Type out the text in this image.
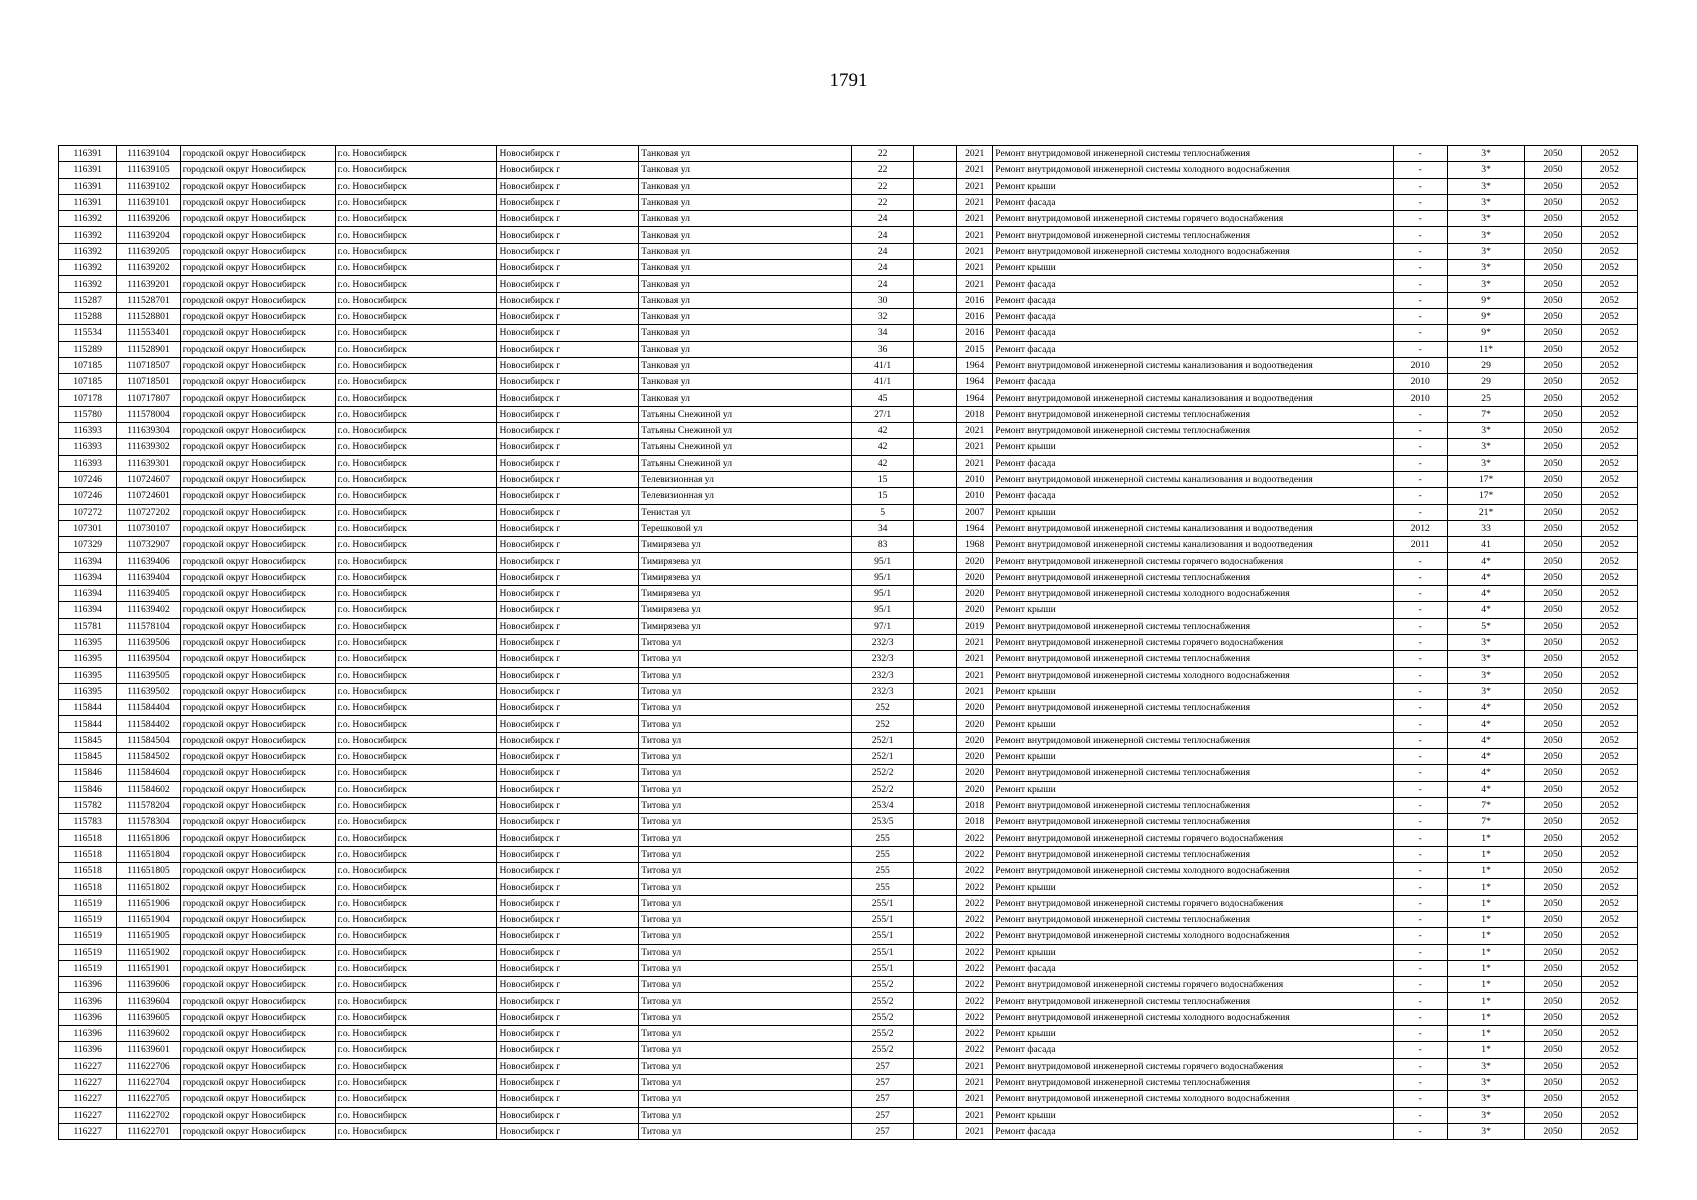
1791
116391	111639104	городской округ Новосибирск	г.о. Новосибирск	Новосибирск г	Танковая ул	22		2021	Ремонт внутридомовой инженерной системы теплоснабжения	-	3*	2050	2052
116391	111639105	городской округ Новосибирск	г.о. Новосибирск	Новосибирск г	Танковая ул	22		2021	Ремонт внутридомовой инженерной системы холодного водоснабжения	-	3*	2050	2052
116391	111639102	городской округ Новосибирск	г.о. Новосибирск	Новосибирск г	Танковая ул	22		2021	Ремонт крыши	-	3*	2050	2052
116391	111639101	городской округ Новосибирск	г.о. Новосибирск	Новосибирск г	Танковая ул	22		2021	Ремонт фасада	-	3*	2050	2052
116392	111639206	городской округ Новосибирск	г.о. Новосибирск	Новосибирск г	Танковая ул	24		2021	Ремонт внутридомовой инженерной системы горячего водоснабжения	-	3*	2050	2052
116392	111639204	городской округ Новосибирск	г.о. Новосибирск	Новосибирск г	Танковая ул	24		2021	Ремонт внутридомовой инженерной системы теплоснабжения	-	3*	2050	2052
116392	111639205	городской округ Новосибирск	г.о. Новосибирск	Новосибирск г	Танковая ул	24		2021	Ремонт внутридомовой инженерной системы холодного водоснабжения	-	3*	2050	2052
116392	111639202	городской округ Новосибирск	г.о. Новосибирск	Новосибирск г	Танковая ул	24		2021	Ремонт крыши	-	3*	2050	2052
116392	111639201	городской округ Новосибирск	г.о. Новосибирск	Новосибирск г	Танковая ул	24		2021	Ремонт фасада	-	3*	2050	2052
115287	111528701	городской округ Новосибирск	г.о. Новосибирск	Новосибирск г	Танковая ул	30		2016	Ремонт фасада	-	9*	2050	2052
115288	111528801	городской округ Новосибирск	г.о. Новосибирск	Новосибирск г	Танковая ул	32		2016	Ремонт фасада	-	9*	2050	2052
115534	111553401	городской округ Новосибирск	г.о. Новосибирск	Новосибирск г	Танковая ул	34		2016	Ремонт фасада	-	9*	2050	2052
115289	111528901	городской округ Новосибирск	г.о. Новосибирск	Новосибирск г	Танковая ул	36		2015	Ремонт фасада	-	11*	2050	2052
107185	110718507	городской округ Новосибирск	г.о. Новосибирск	Новосибирск г	Танковая ул	41/1		1964	Ремонт внутридомовой инженерной системы канализования и водоотведения	2010	29	2050	2052
107185	110718501	городской округ Новосибирск	г.о. Новосибирск	Новосибирск г	Танковая ул	41/1		1964	Ремонт фасада	2010	29	2050	2052
107178	110717807	городской округ Новосибирск	г.о. Новосибирск	Новосибирск г	Танковая ул	45		1964	Ремонт внутридомовой инженерной системы канализования и водоотведения	2010	25	2050	2052
115780	111578004	городской округ Новосибирск	г.о. Новосибирск	Новосибирск г	Татьяны Снежиной ул	27/1		2018	Ремонт внутридомовой инженерной системы теплоснабжения	-	7*	2050	2052
116393	111639304	городской округ Новосибирск	г.о. Новосибирск	Новосибирск г	Татьяны Снежиной ул	42		2021	Ремонт внутридомовой инженерной системы теплоснабжения	-	3*	2050	2052
116393	111639302	городской округ Новосибирск	г.о. Новосибирск	Новосибирск г	Татьяны Снежиной ул	42		2021	Ремонт крыши	-	3*	2050	2052
116393	111639301	городской округ Новосибирск	г.о. Новосибирск	Новосибирск г	Татьяны Снежиной ул	42		2021	Ремонт фасада	-	3*	2050	2052
107246	110724607	городской округ Новосибирск	г.о. Новосибирск	Новосибирск г	Телевизионная ул	15		2010	Ремонт внутридомовой инженерной системы канализования и водоотведения	-	17*	2050	2052
107246	110724601	городской округ Новосибирск	г.о. Новосибирск	Новосибирск г	Телевизионная ул	15		2010	Ремонт фасада	-	17*	2050	2052
107272	110727202	городской округ Новосибирск	г.о. Новосибирск	Новосибирск г	Тенистая ул	5		2007	Ремонт крыши	-	21*	2050	2052
107301	110730107	городской округ Новосибирск	г.о. Новосибирск	Новосибирск г	Терешковой ул	34		1964	Ремонт внутридомовой инженерной системы канализования и водоотведения	2012	33	2050	2052
107329	110732907	городской округ Новосибирск	г.о. Новосибирск	Новосибирск г	Тимирязева ул	83		1968	Ремонт внутридомовой инженерной системы канализования и водоотведения	2011	41	2050	2052
116394	111639406	городской округ Новосибирск	г.о. Новосибирск	Новосибирск г	Тимирязева ул	95/1		2020	Ремонт внутридомовой инженерной системы горячего водоснабжения	-	4*	2050	2052
116394	111639404	городской округ Новосибирск	г.о. Новосибирск	Новосибирск г	Тимирязева ул	95/1		2020	Ремонт внутридомовой инженерной системы теплоснабжения	-	4*	2050	2052
116394	111639405	городской округ Новосибирск	г.о. Новосибирск	Новосибирск г	Тимирязева ул	95/1		2020	Ремонт внутридомовой инженерной системы холодного водоснабжения	-	4*	2050	2052
116394	111639402	городской округ Новосибирск	г.о. Новосибирск	Новосибирск г	Тимирязева ул	95/1		2020	Ремонт крыши	-	4*	2050	2052
115781	111578104	городской округ Новосибирск	г.о. Новосибирск	Новосибирск г	Тимирязева ул	97/1		2019	Ремонт внутридомовой инженерной системы теплоснабжения	-	5*	2050	2052
116395	111639506	городской округ Новосибирск	г.о. Новосибирск	Новосибирск г	Титова ул	232/3		2021	Ремонт внутридомовой инженерной системы горячего водоснабжения	-	3*	2050	2052
116395	111639504	городской округ Новосибирск	г.о. Новосибирск	Новосибирск г	Титова ул	232/3		2021	Ремонт внутридомовой инженерной системы теплоснабжения	-	3*	2050	2052
116395	111639505	городской округ Новосибирск	г.о. Новосибирск	Новосибирск г	Титова ул	232/3		2021	Ремонт внутридомовой инженерной системы холодного водоснабжения	-	3*	2050	2052
116395	111639502	городской округ Новосибирск	г.о. Новосибирск	Новосибирск г	Титова ул	232/3		2021	Ремонт крыши	-	3*	2050	2052
115844	111584404	городской округ Новосибирск	г.о. Новосибирск	Новосибирск г	Титова ул	252		2020	Ремонт внутридомовой инженерной системы теплоснабжения	-	4*	2050	2052
115844	111584402	городской округ Новосибирск	г.о. Новосибирск	Новосибирск г	Титова ул	252		2020	Ремонт крыши	-	4*	2050	2052
115845	111584504	городской округ Новосибирск	г.о. Новосибирск	Новосибирск г	Титова ул	252/1		2020	Ремонт внутридомовой инженерной системы теплоснабжения	-	4*	2050	2052
115845	111584502	городской округ Новосибирск	г.о. Новосибирск	Новосибирск г	Титова ул	252/1		2020	Ремонт крыши	-	4*	2050	2052
115846	111584604	городской округ Новосибирск	г.о. Новосибирск	Новосибирск г	Титова ул	252/2		2020	Ремонт внутридомовой инженерной системы теплоснабжения	-	4*	2050	2052
115846	111584602	городской округ Новосибирск	г.о. Новосибирск	Новосибирск г	Титова ул	252/2		2020	Ремонт крыши	-	4*	2050	2052
115782	111578204	городской округ Новосибирск	г.о. Новосибирск	Новосибирск г	Титова ул	253/4		2018	Ремонт внутридомовой инженерной системы теплоснабжения	-	7*	2050	2052
115783	111578304	городской округ Новосибирск	г.о. Новосибирск	Новосибирск г	Титова ул	253/5		2018	Ремонт внутридомовой инженерной системы теплоснабжения	-	7*	2050	2052
116518	111651806	городской округ Новосибирск	г.о. Новосибирск	Новосибирск г	Титова ул	255		2022	Ремонт внутридомовой инженерной системы горячего водоснабжения	-	1*	2050	2052
116518	111651804	городской округ Новосибирск	г.о. Новосибирск	Новосибирск г	Титова ул	255		2022	Ремонт внутридомовой инженерной системы теплоснабжения	-	1*	2050	2052
116518	111651805	городской округ Новосибирск	г.о. Новосибирск	Новосибирск г	Титова ул	255		2022	Ремонт внутридомовой инженерной системы холодного водоснабжения	-	1*	2050	2052
116518	111651802	городской округ Новосибирск	г.о. Новосибирск	Новосибирск г	Титова ул	255		2022	Ремонт крыши	-	1*	2050	2052
116519	111651906	городской округ Новосибирск	г.о. Новосибирск	Новосибирск г	Титова ул	255/1		2022	Ремонт внутридомовой инженерной системы горячего водоснабжения	-	1*	2050	2052
116519	111651904	городской округ Новосибирск	г.о. Новосибирск	Новосибирск г	Титова ул	255/1		2022	Ремонт внутридомовой инженерной системы теплоснабжения	-	1*	2050	2052
116519	111651905	городской округ Новосибирск	г.о. Новосибирск	Новосибирск г	Титова ул	255/1		2022	Ремонт внутридомовой инженерной системы холодного водоснабжения	-	1*	2050	2052
116519	111651902	городской округ Новосибирск	г.о. Новосибирск	Новосибирск г	Титова ул	255/1		2022	Ремонт крыши	-	1*	2050	2052
116519	111651901	городской округ Новосибирск	г.о. Новосибирск	Новосибирск г	Титова ул	255/1		2022	Ремонт фасада	-	1*	2050	2052
116396	111639606	городской округ Новосибирск	г.о. Новосибирск	Новосибирск г	Титова ул	255/2		2022	Ремонт внутридомовой инженерной системы горячего водоснабжения	-	1*	2050	2052
116396	111639604	городской округ Новосибирск	г.о. Новосибирск	Новосибирск г	Титова ул	255/2		2022	Ремонт внутридомовой инженерной системы теплоснабжения	-	1*	2050	2052
116396	111639605	городской округ Новосибирск	г.о. Новосибирск	Новосибирск г	Титова ул	255/2		2022	Ремонт внутридомовой инженерной системы холодного водоснабжения	-	1*	2050	2052
116396	111639602	городской округ Новосибирск	г.о. Новосибирск	Новосибирск г	Титова ул	255/2		2022	Ремонт крыши	-	1*	2050	2052
116396	111639601	городской округ Новосибирск	г.о. Новосибирск	Новосибирск г	Титова ул	255/2		2022	Ремонт фасада	-	1*	2050	2052
116227	111622706	городской округ Новосибирск	г.о. Новосибирск	Новосибирск г	Титова ул	257		2021	Ремонт внутридомовой инженерной системы горячего водоснабжения	-	3*	2050	2052
116227	111622704	городской округ Новосибирск	г.о. Новосибирск	Новосибирск г	Титова ул	257		2021	Ремонт внутридомовой инженерной системы теплоснабжения	-	3*	2050	2052
116227	111622705	городской округ Новосибирск	г.о. Новосибирск	Новосибирск г	Титова ул	257		2021	Ремонт внутридомовой инженерной системы холодного водоснабжения	-	3*	2050	2052
116227	111622702	городской округ Новосибирск	г.о. Новосибирск	Новосибирск г	Титова ул	257		2021	Ремонт крыши	-	3*	2050	2052
116227	111622701	городской округ Новосибирск	г.о. Новосибирск	Новосибирск г	Титова ул	257		2021	Ремонт фасада	-	3*	2050	2052
